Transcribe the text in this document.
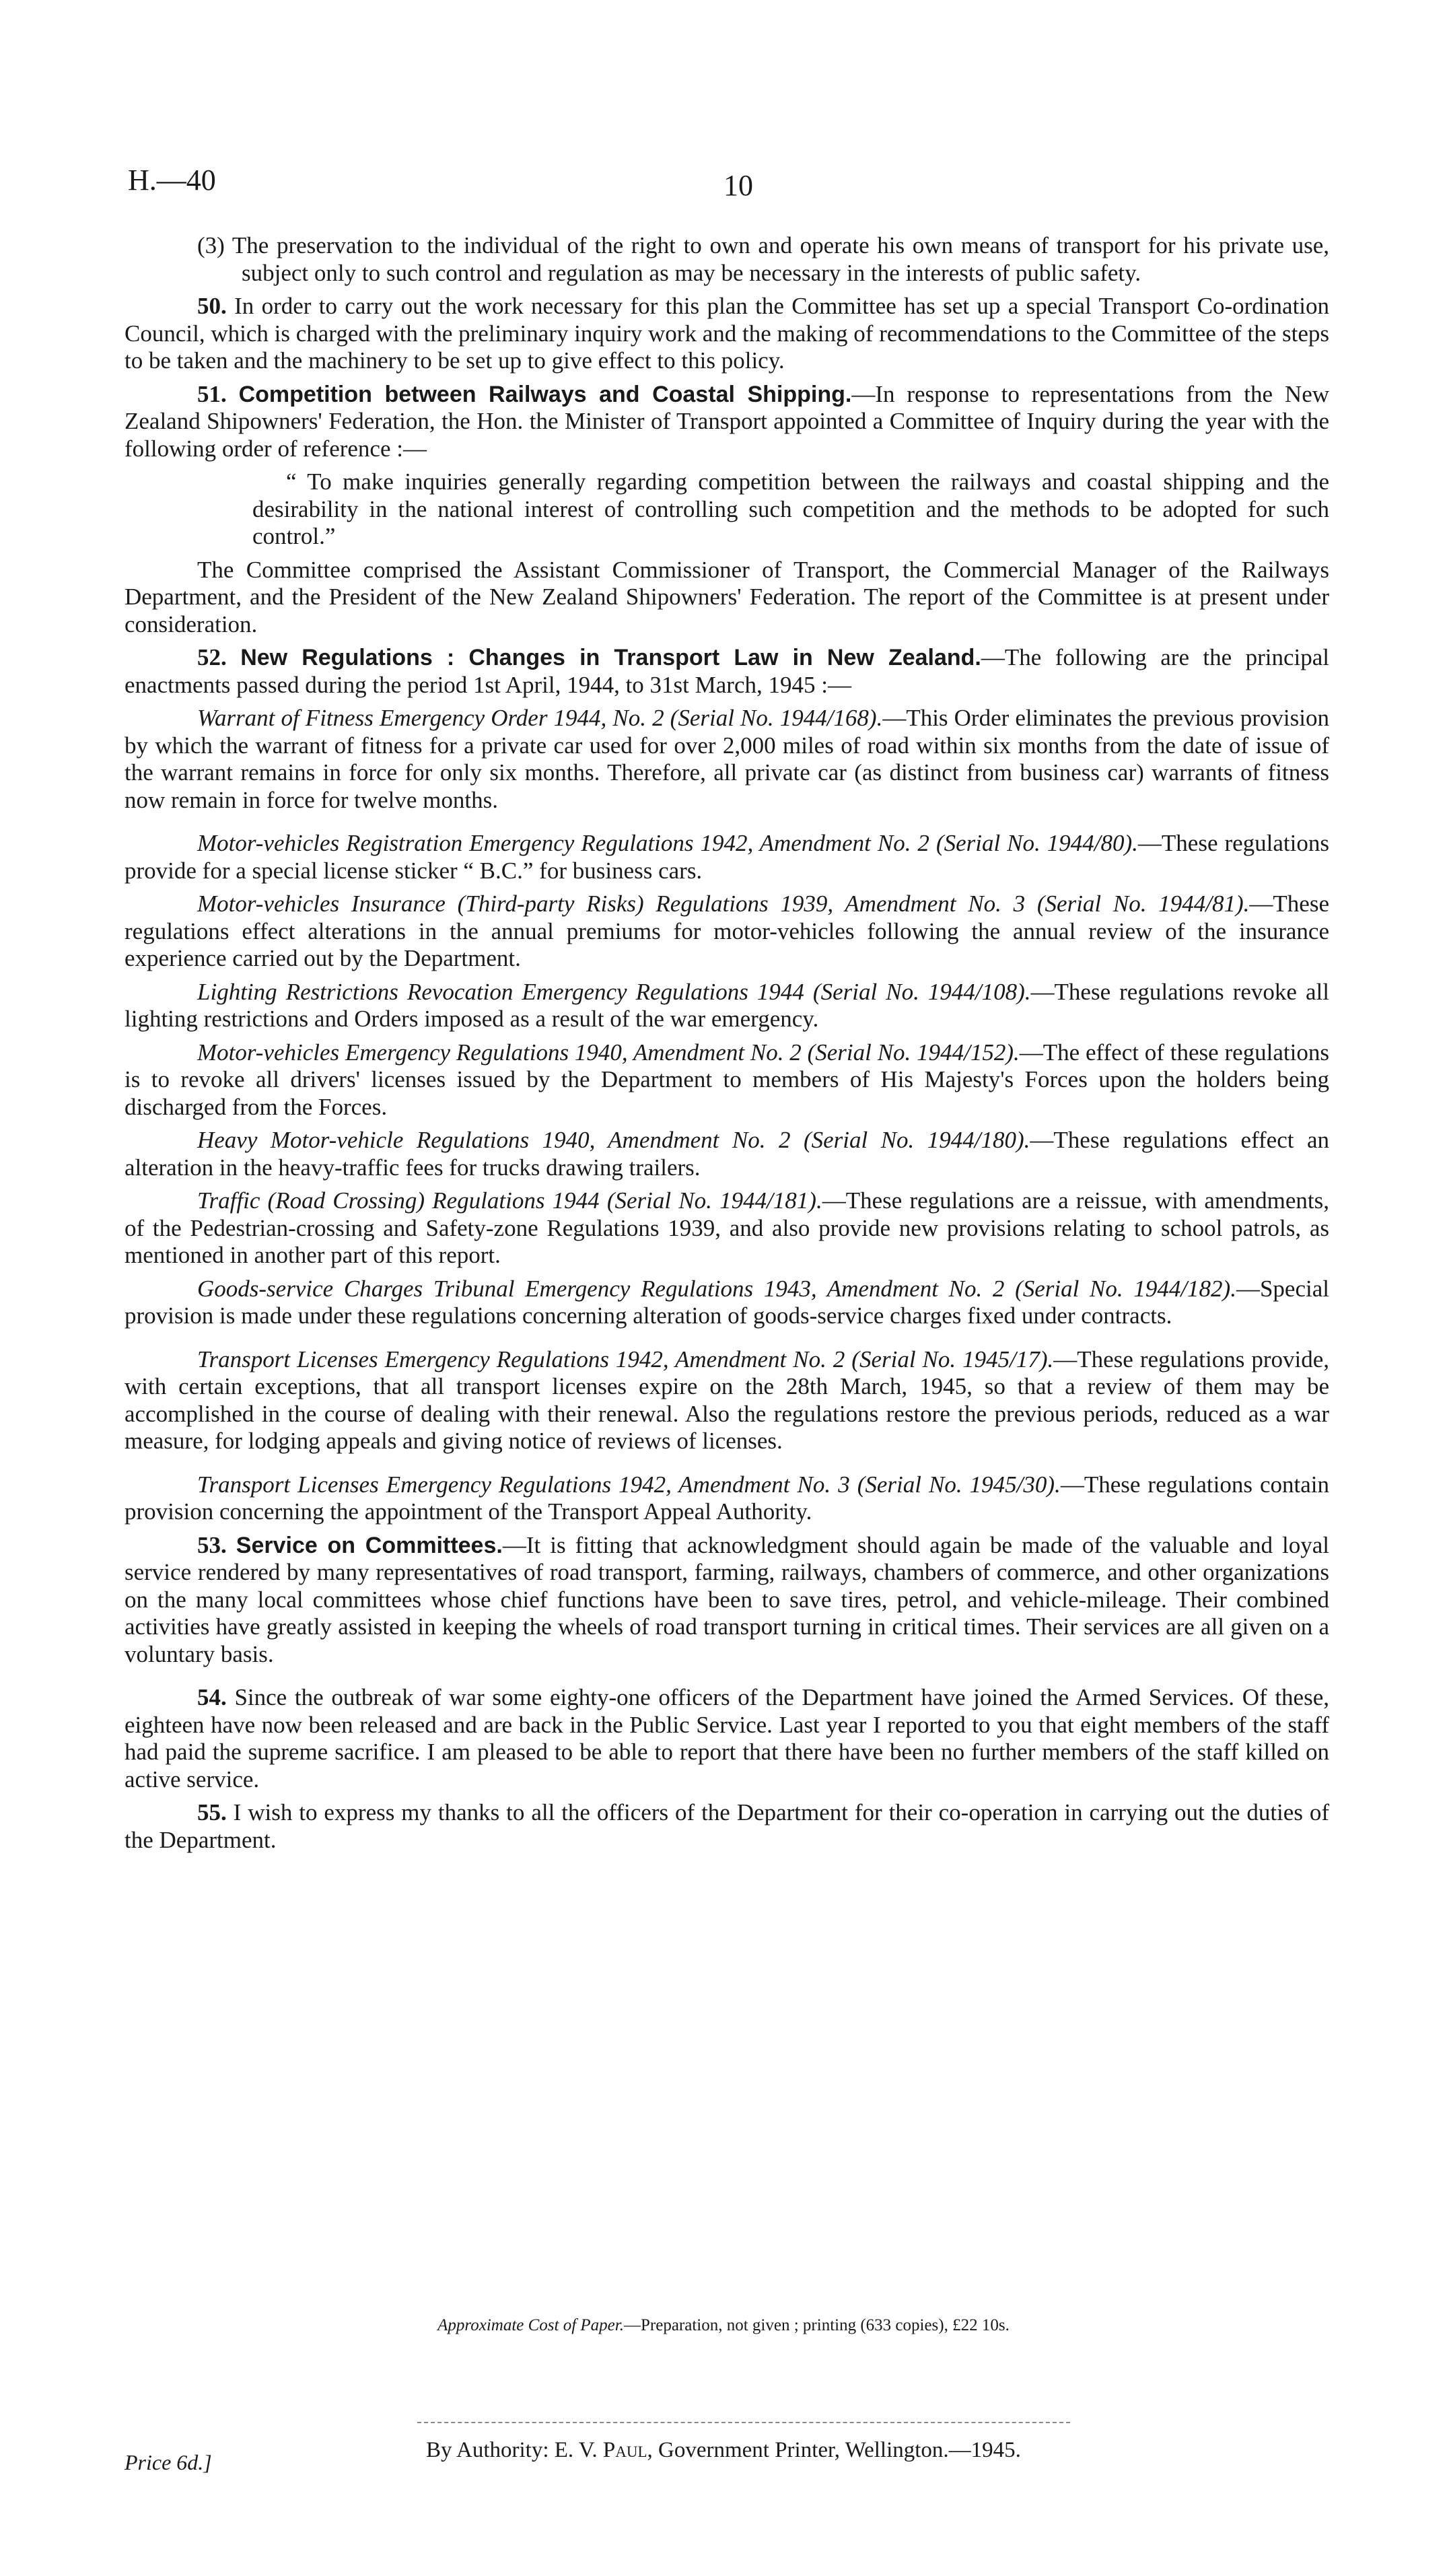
H.—40	10

(3) The preservation to the individual of the right to own and operate his own means of transport for his private use, subject only to such control and regulation as may be necessary in the interests of public safety.

50. In order to carry out the work necessary for this plan the Committee has set up a special Transport Co-ordination Council, which is charged with the preliminary inquiry work and the making of recommendations to the Committee of the steps to be taken and the machinery to be set up to give effect to this policy.

51. Competition between Railways and Coastal Shipping.—In response to representations from the New Zealand Shipowners' Federation, the Hon. the Minister of Transport appointed a Committee of Inquiry during the year with the following order of reference :—

“ To make inquiries generally regarding competition between the railways and coastal shipping and the desirability in the national interest of controlling such competition and the methods to be adopted for such control.”

The Committee comprised the Assistant Commissioner of Transport, the Commercial Manager of the Railways Department, and the President of the New Zealand Shipowners' Federation. The report of the Committee is at present under consideration.

52. New Regulations : Changes in Transport Law in New Zealand.—The following are the principal enactments passed during the period 1st April, 1944, to 31st March, 1945 :—

Warrant of Fitness Emergency Order 1944, No. 2 (Serial No. 1944/168).—This Order eliminates the previous provision by which the warrant of fitness for a private car used for over 2,000 miles of road within six months from the date of issue of the warrant remains in force for only six months. Therefore, all private car (as distinct from business car) warrants of fitness now remain in force for twelve months.

Motor-vehicles Registration Emergency Regulations 1942, Amendment No. 2 (Serial No. 1944/80).—These regulations provide for a special license sticker “ B.C.” for business cars.

Motor-vehicles Insurance (Third-party Risks) Regulations 1939, Amendment No. 3 (Serial No. 1944/81).—These regulations effect alterations in the annual premiums for motor-vehicles following the annual review of the insurance experience carried out by the Department.

Lighting Restrictions Revocation Emergency Regulations 1944 (Serial No. 1944/108).—These regulations revoke all lighting restrictions and Orders imposed as a result of the war emergency.

Motor-vehicles Emergency Regulations 1940, Amendment No. 2 (Serial No. 1944/152).—The effect of these regulations is to revoke all drivers' licenses issued by the Department to members of His Majesty's Forces upon the holders being discharged from the Forces.

Heavy Motor-vehicle Regulations 1940, Amendment No. 2 (Serial No. 1944/180).—These regulations effect an alteration in the heavy-traffic fees for trucks drawing trailers.

Traffic (Road Crossing) Regulations 1944 (Serial No. 1944/181).—These regulations are a reissue, with amendments, of the Pedestrian-crossing and Safety-zone Regulations 1939, and also provide new provisions relating to school patrols, as mentioned in another part of this report.

Goods-service Charges Tribunal Emergency Regulations 1943, Amendment No. 2 (Serial No. 1944/182).—Special provision is made under these regulations concerning alteration of goods-service charges fixed under contracts.

Transport Licenses Emergency Regulations 1942, Amendment No. 2 (Serial No. 1945/17).—These regulations provide, with certain exceptions, that all transport licenses expire on the 28th March, 1945, so that a review of them may be accomplished in the course of dealing with their renewal. Also the regulations restore the previous periods, reduced as a war measure, for lodging appeals and giving notice of reviews of licenses.

Transport Licenses Emergency Regulations 1942, Amendment No. 3 (Serial No. 1945/30).—These regulations contain provision concerning the appointment of the Transport Appeal Authority.

53. Service on Committees.—It is fitting that acknowledgment should again be made of the valuable and loyal service rendered by many representatives of road transport, farming, railways, chambers of commerce, and other organizations on the many local committees whose chief functions have been to save tires, petrol, and vehicle-mileage. Their combined activities have greatly assisted in keeping the wheels of road transport turning in critical times. Their services are all given on a voluntary basis.

54. Since the outbreak of war some eighty-one officers of the Department have joined the Armed Services. Of these, eighteen have now been released and are back in the Public Service. Last year I reported to you that eight members of the staff had paid the supreme sacrifice. I am pleased to be able to report that there have been no further members of the staff killed on active service.

55. I wish to express my thanks to all the officers of the Department for their co-operation in carrying out the duties of the Department.

Approximate Cost of Paper.—Preparation, not given ; printing (633 copies), £22 10s.
By Authority: E. V. Paul, Government Printer, Wellington.—1945.
Price 6d.]
